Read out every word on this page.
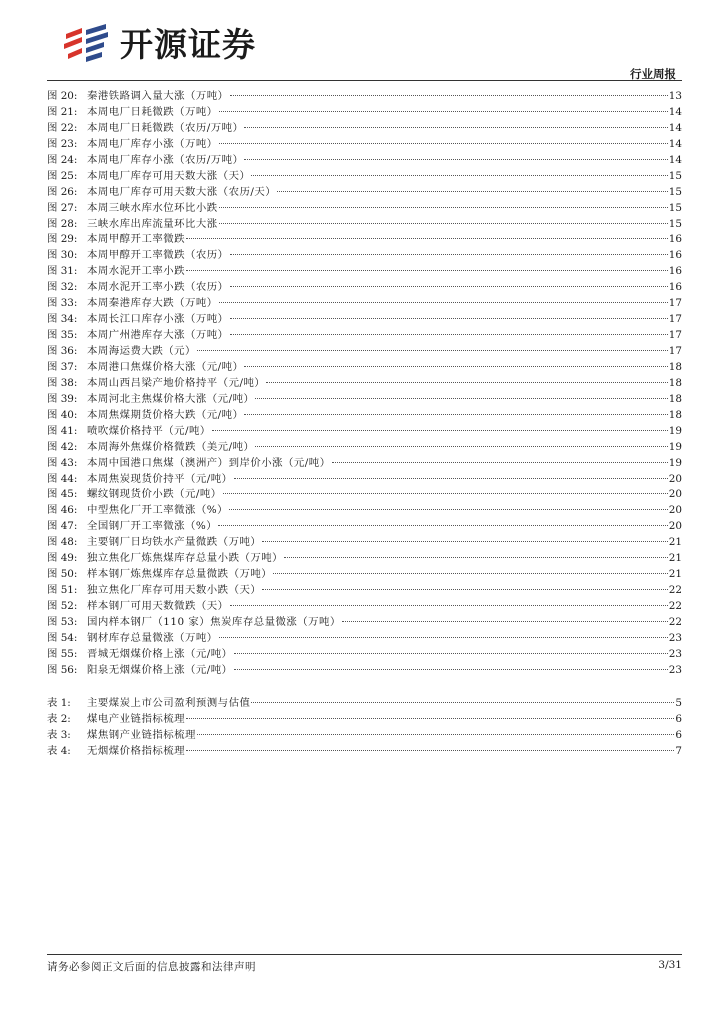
开源证券
行业周报
图 20: 秦港铁路调入量大涨（万吨）	13
图 21: 本周电厂日耗微跌（万吨）	14
图 22: 本周电厂日耗微跌（农历/万吨）	14
图 23: 本周电厂库存小涨（万吨）	14
图 24: 本周电厂库存小涨（农历/万吨）	14
图 25: 本周电厂库存可用天数大涨（天）	15
图 26: 本周电厂库存可用天数大涨（农历/天）	15
图 27: 本周三峡水库水位环比小跌	15
图 28: 三峡水库出库流量环比大涨	15
图 29: 本周甲醇开工率微跌	16
图 30: 本周甲醇开工率微跌（农历）	16
图 31: 本周水泥开工率小跌	16
图 32: 本周水泥开工率小跌（农历）	16
图 33: 本周秦港库存大跌（万吨）	17
图 34: 本周长江口库存小涨（万吨）	17
图 35: 本周广州港库存大涨（万吨）	17
图 36: 本周海运费大跌（元）	17
图 37: 本周港口焦煤价格大涨（元/吨）	18
图 38: 本周山西吕梁产地价格持平（元/吨）	18
图 39: 本周河北主焦煤价格大涨（元/吨）	18
图 40: 本周焦煤期货价格大跌（元/吨）	18
图 41: 喷吹煤价格持平（元/吨）	19
图 42: 本周海外焦煤价格微跌（美元/吨）	19
图 43: 本周中国港口焦煤（澳洲产）到岸价小涨（元/吨）	19
图 44: 本周焦炭现货价持平（元/吨）	20
图 45: 螺纹钢现货价小跌（元/吨）	20
图 46: 中型焦化厂开工率微涨（%）	20
图 47: 全国钢厂开工率微涨（%）	20
图 48: 主要钢厂日均铁水产量微跌（万吨）	21
图 49: 独立焦化厂炼焦煤库存总量小跌（万吨）	21
图 50: 样本钢厂炼焦煤库存总量微跌（万吨）	21
图 51: 独立焦化厂库存可用天数小跌（天）	22
图 52: 样本钢厂可用天数微跌（天）	22
图 53: 国内样本钢厂（110 家）焦炭库存总量微涨（万吨）	22
图 54: 钢材库存总量微涨（万吨）	23
图 55: 晋城无烟煤价格上涨（元/吨）	23
图 56: 阳泉无烟煤价格上涨（元/吨）	23
表 1:	主要煤炭上市公司盈利预测与估值	5
表 2:	煤电产业链指标梳理	6
表 3:	煤焦钢产业链指标梳理	6
表 4:	无烟煤价格指标梳理	7
请务必参阅正文后面的信息披露和法律声明	3/31
